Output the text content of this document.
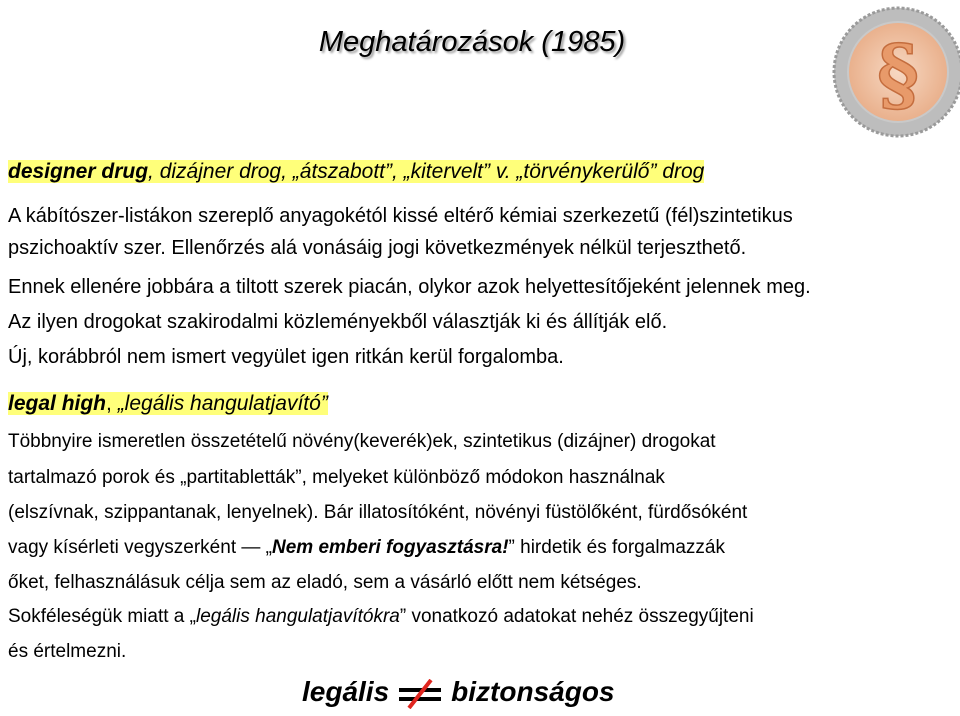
Meghatározások (1985)	§
designer drug, dizájner drog, „átszabott”, „kitervelt” v. „törvénykerülő” drog
A kábítószer-listákon szereplő anyagokétól kissé eltérő kémiai szerkezetű (fél)szintetikus
pszichoaktív szer. Ellenőrzés alá vonásáig jogi következmények nélkül terjeszthető.
Ennek ellenére jobbára a tiltott szerek piacán, olykor azok helyettesítőjeként jelennek meg.
Az ilyen drogokat szakirodalmi közleményekből választják ki és állítják elő.
Új, korábbról nem ismert vegyület igen ritkán kerül forgalomba.
legal high, „legális hangulatjavító”
Többnyire ismeretlen összetételű növény(keverék)ek, szintetikus (dizájner) drogokat
tartalmazó porok és „partitabletták”, melyeket különböző módokon használnak
(elszívnak, szippantanak, lenyelnek). Bár illatosítóként, növényi füstölőként, fürdősóként
vagy kísérleti vegyszerként — „Nem emberi fogyasztásra!” hirdetik és forgalmazzák
őket, felhasználásuk célja sem az eladó, sem a vásárló előtt nem kétséges.
Sokféleségük miatt a „legális hangulatjavítókra” vonatkozó adatokat nehéz összegyűjteni
és értelmezni.
legális biztonságos
